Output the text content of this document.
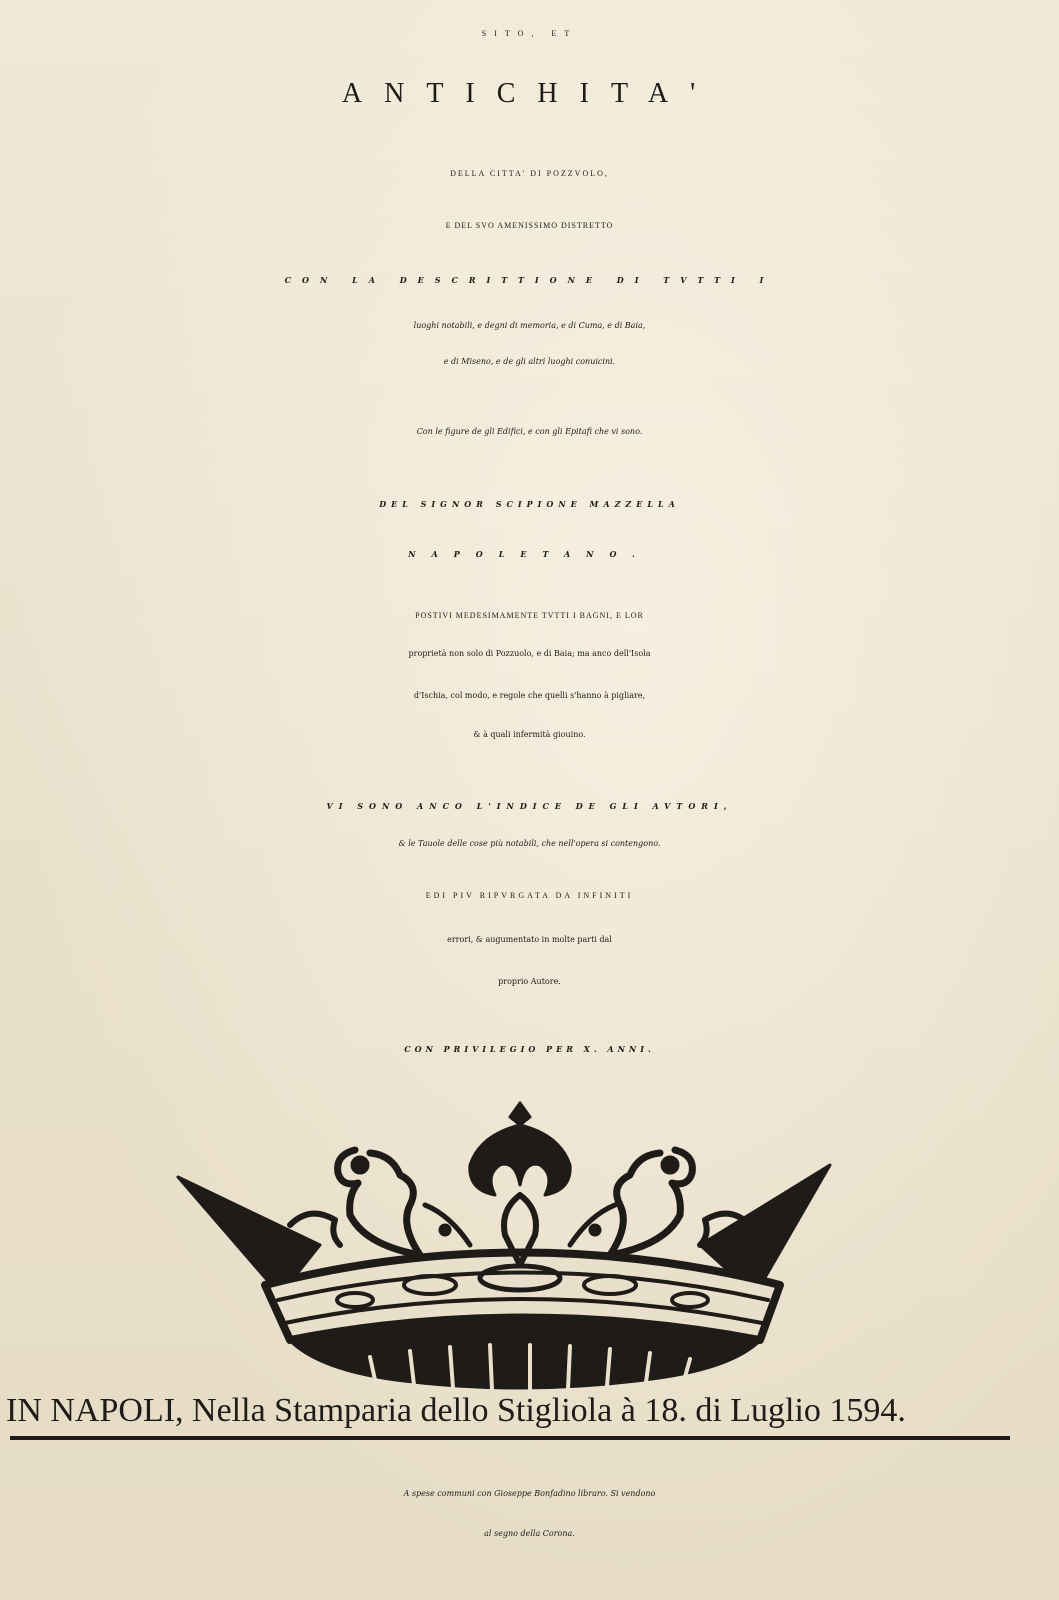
SITO, ET
ANTICHITA'
DELLA CITTA' DI POZZVOLO,
E DEL SVO AMENISSIMO DISTRETTO
CON LA DESCRITTIONE DI TVTTI I
luoghi notabili, e degni di memoria, e di Cuma, e di Baia,
e di Miseno, e de gli altri luoghi conuicini.
Con le figure de gli Edifici, e con gli Epitafi che vi sono.
DEL SIGNOR SCIPIONE MAZZELLA
NAPOLETANO.
POSTIVI MEDESIMAMENTE TVTTI I BAGNI, E LOR
proprietà non solo di Pozzuolo, e di Baia; ma anco dell'Isola
d'Ischia, col modo, e regole che quelli s'hanno à pigliare,
& à quali infermità giouino.
VI SONO ANCO L'INDICE DE GLI AVTORI,
& le Tauole delle cose più notabili, che nell'opera si contengono.
EDI PIV RIPVRGATA DA INFINITI
errori, & augumentato in molte parti dal
proprio Autore.
CON PRIVILEGIO PER X. ANNI.
IN NAPOLI, Nella Stamparia dello Stigliola à 18. di Luglio 1594.
A spese communi con Gioseppe Bonfadino libraro. Si vendono
al segno della Corona.
